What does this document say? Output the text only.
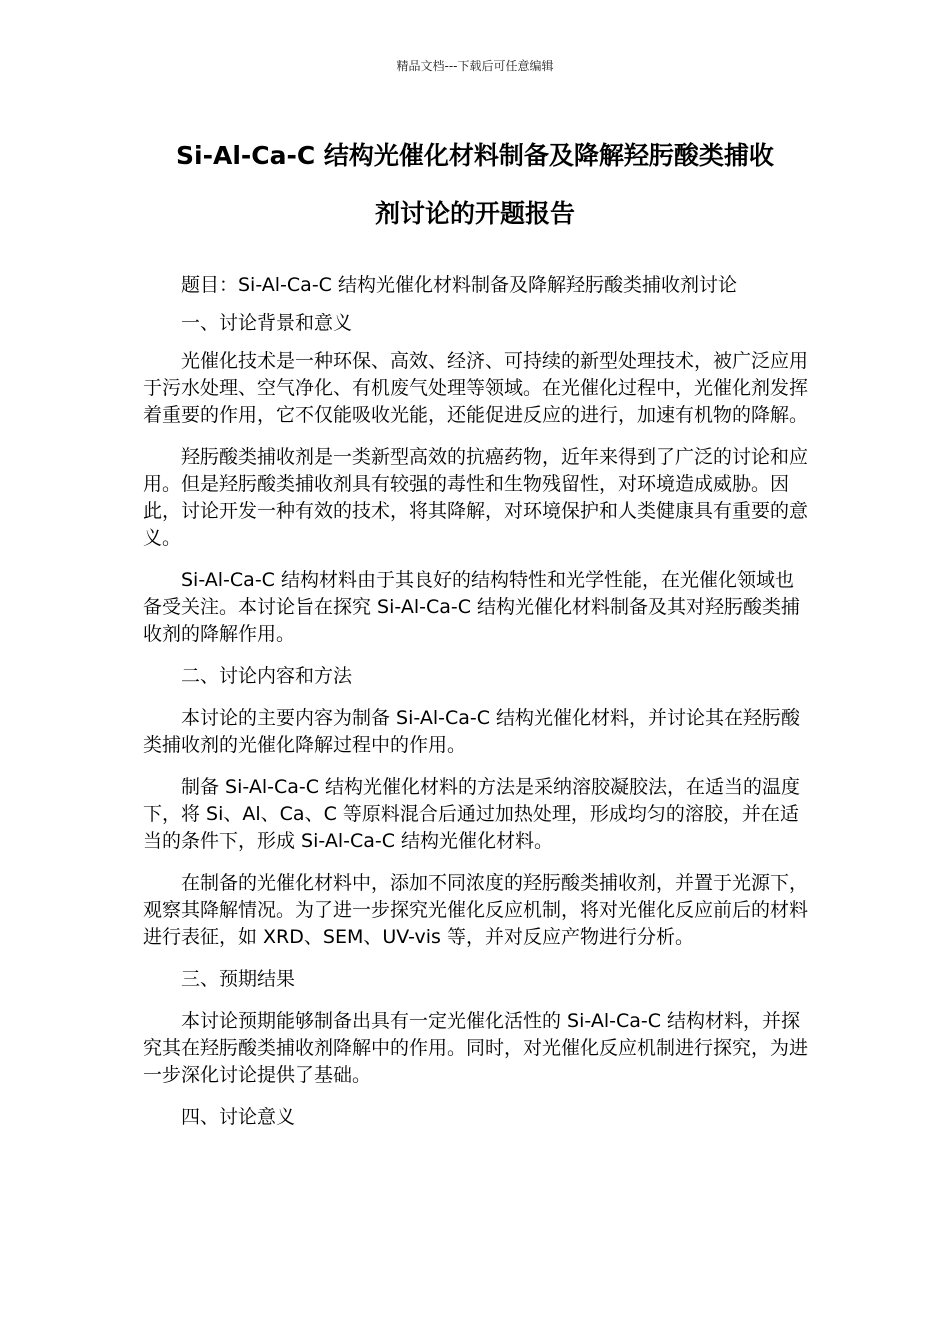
精品文档---下载后可任意编辑
Si-Al-Ca-C 结构光催化材料制备及降解羟肟酸类捕收
剂讨论的开题报告

题目：Si-Al-Ca-C 结构光催化材料制备及降解羟肟酸类捕收剂讨论

一、讨论背景和意义

光催化技术是一种环保、高效、经济、可持续的新型处理技术，被广泛应用于污水处理、空气净化、有机废气处理等领域。在光催化过程中，光催化剂发挥着重要的作用，它不仅能吸收光能，还能促进反应的进行，加速有机物的降解。

羟肟酸类捕收剂是一类新型高效的抗癌药物，近年来得到了广泛的讨论和应用。但是羟肟酸类捕收剂具有较强的毒性和生物残留性，对环境造成威胁。因此，讨论开发一种有效的技术，将其降解，对环境保护和人类健康具有重要的意义。

Si-Al-Ca-C 结构材料由于其良好的结构特性和光学性能，在光催化领域也备受关注。本讨论旨在探究 Si-Al-Ca-C 结构光催化材料制备及其对羟肟酸类捕收剂的降解作用。

二、讨论内容和方法

本讨论的主要内容为制备 Si-Al-Ca-C 结构光催化材料，并讨论其在羟肟酸类捕收剂的光催化降解过程中的作用。

制备 Si-Al-Ca-C 结构光催化材料的方法是采纳溶胶凝胶法，在适当的温度下，将 Si、Al、Ca、C 等原料混合后通过加热处理，形成均匀的溶胶，并在适当的条件下，形成 Si-Al-Ca-C 结构光催化材料。

在制备的光催化材料中，添加不同浓度的羟肟酸类捕收剂，并置于光源下，观察其降解情况。为了进一步探究光催化反应机制，将对光催化反应前后的材料进行表征，如 XRD、SEM、UV-vis 等，并对反应产物进行分析。

三、预期结果

本讨论预期能够制备出具有一定光催化活性的 Si-Al-Ca-C 结构材料，并探究其在羟肟酸类捕收剂降解中的作用。同时，对光催化反应机制进行探究，为进一步深化讨论提供了基础。

四、讨论意义
